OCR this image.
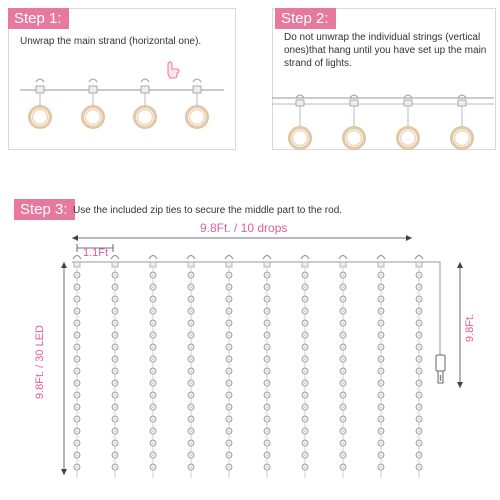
Step 1:
Unwrap the main strand (horizontal one).
Step 2:
Do not unwrap the individual strings (vertical
ones)that hang until you have set up the main
strand of lights.
Step 3: Use the included zip ties to secure the middle part to the rod.
9.8Ft. / 10 drops
1.1Ft
9.8Ft. / 30 LED	9.8Ft.
